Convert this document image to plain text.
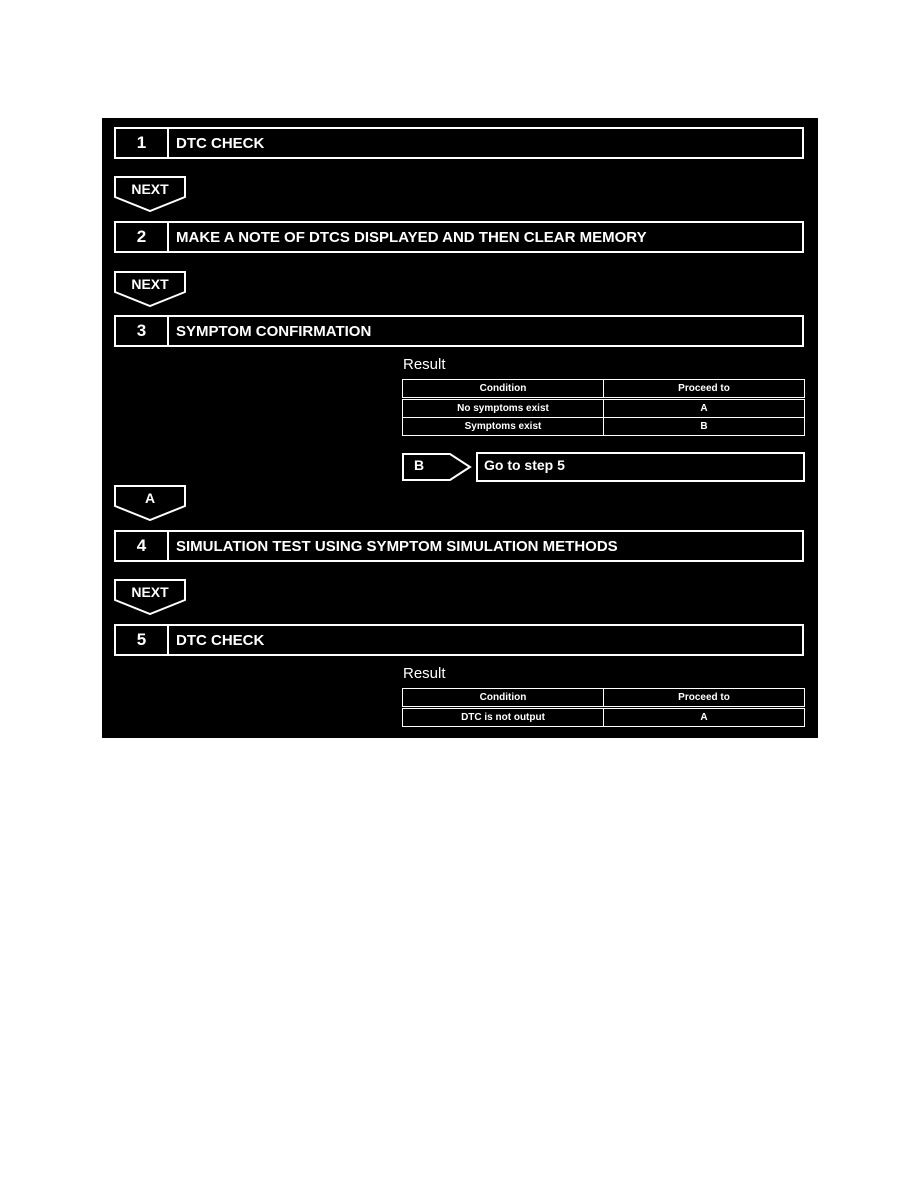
1	DTC CHECK
NEXT
2	MAKE A NOTE OF DTCS DISPLAYED AND THEN CLEAR MEMORY
NEXT
3	SYMPTOM CONFIRMATION
Result
Condition	Proceed to
No symptoms exist	A
Symptoms exist	B
B	Go to step 5
A
4	SIMULATION TEST USING SYMPTOM SIMULATION METHODS
NEXT
5	DTC CHECK
Result
Condition	Proceed to
DTC is not output	A
